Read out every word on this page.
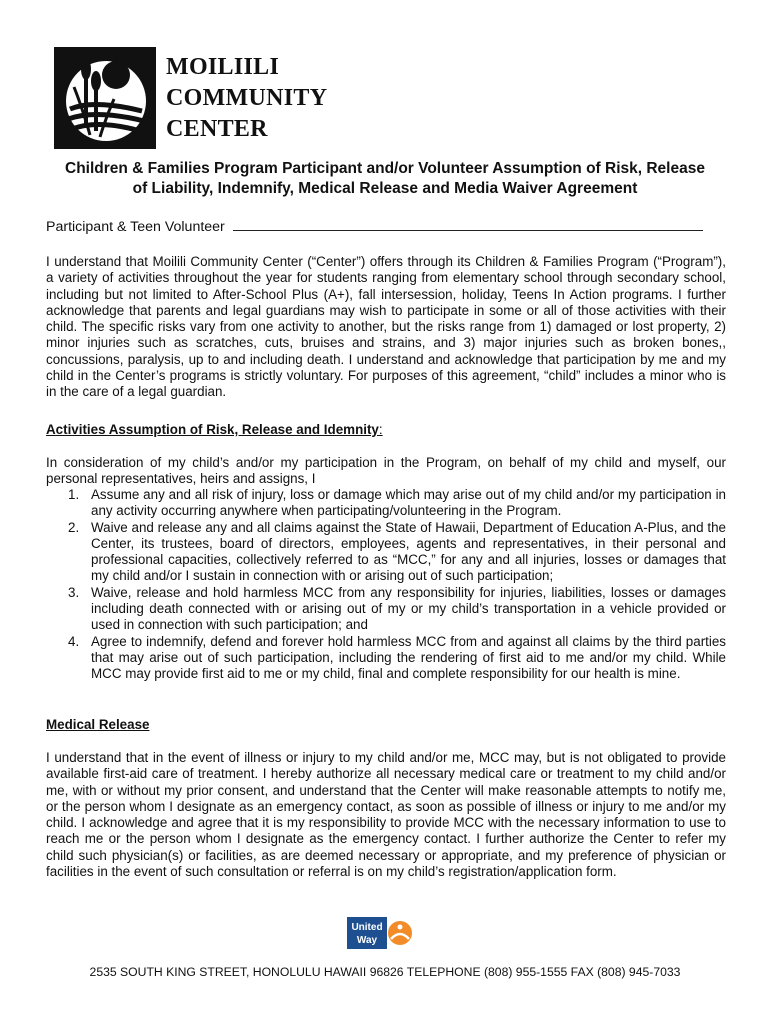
MOILIILI
COMMUNITY
CENTER
Children & Families Program Participant and/or Volunteer Assumption of Risk, Release
of Liability, Indemnify, Medical Release and Media Waiver Agreement
Participant & Teen Volunteer

I understand that Moilili Community Center (“Center”) offers through its Children & Families Program (“Program”), a variety of activities throughout the year for students ranging from elementary school through secondary school, including but not limited to After-School Plus (A+), fall intersession, holiday, Teens In Action programs. I further acknowledge that parents and legal guardians may wish to participate in some or all of those activities with their child. The specific risks vary from one activity to another, but the risks range from 1) damaged or lost property, 2) minor injuries such as scratches, cuts, bruises and strains, and 3) major injuries such as broken bones,, concussions, paralysis, up to and including death. I understand and acknowledge that participation by me and my child in the Center’s programs is strictly voluntary. For purposes of this agreement, “child” includes a minor who is in the care of a legal guardian.

Activities Assumption of Risk, Release and Idemnity:

In consideration of my child’s and/or my participation in the Program, on behalf of my child and myself, our personal representatives, heirs and assigns, I

1. Assume any and all risk of injury, loss or damage which may arise out of my child and/or my participation in any activity occurring anywhere when participating/volunteering in the Program.
2. Waive and release any and all claims against the State of Hawaii, Department of Education A-Plus, and the Center, its trustees, board of directors, employees, agents and representatives, in their personal and professional capacities, collectively referred to as “MCC,” for any and all injuries, losses or damages that my child and/or I sustain in connection with or arising out of such participation;
3. Waive, release and hold harmless MCC from any responsibility for injuries, liabilities, losses or damages including death connected with or arising out of my or my child’s transportation in a vehicle provided or used in connection with such participation; and
4. Agree to indemnify, defend and forever hold harmless MCC from and against all claims by the third parties that may arise out of such participation, including the rendering of first aid to me and/or my child. While MCC may provide first aid to me or my child, final and complete responsibility for our health is mine.
Medical Release

I understand that in the event of illness or injury to my child and/or me, MCC may, but is not obligated to provide available first-aid care of treatment. I hereby authorize all necessary medical care or treatment to my child and/or me, with or without my prior consent, and understand that the Center will make reasonable attempts to notify me, or the person whom I designate as an emergency contact, as soon as possible of illness or injury to me and/or my child. I acknowledge and agree that it is my responsibility to provide MCC with the necessary information to use to reach me or the person whom I designate as the emergency contact. I further authorize the Center to refer my child such physician(s) or facilities, as are deemed necessary or appropriate, and my preference of physician or facilities in the event of such consultation or referral is on my child’s registration/application form.

United
Way
2535 SOUTH KING STREET, HONOLULU HAWAII 96826 TELEPHONE (808) 955-1555 FAX (808) 945-7033
